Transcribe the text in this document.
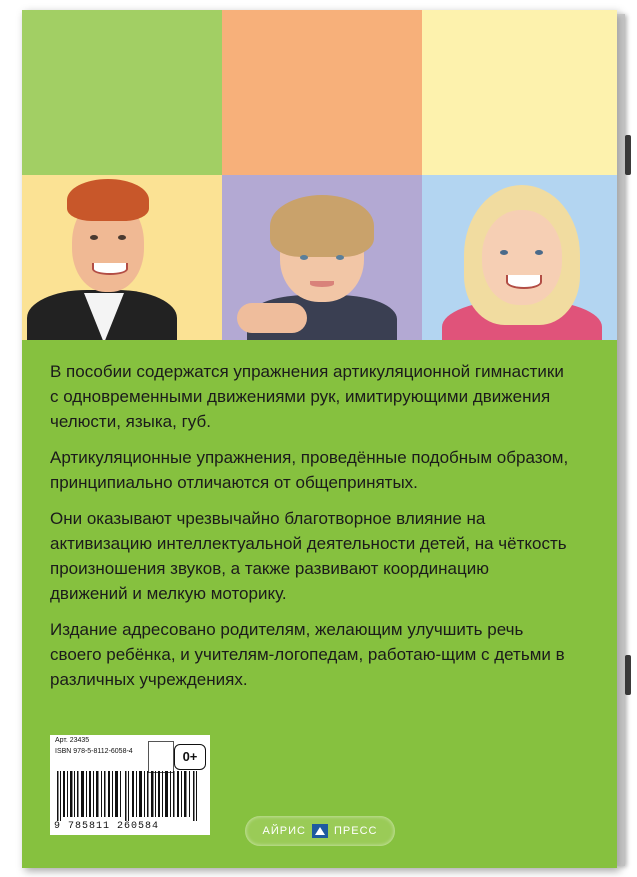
В пособии содержатся упражнения артикуляционной гимнастики с одновременными движениями рук, имитирующими движения челюсти, языка, губ.

Артикуляционные упражнения, проведённые подобным образом, принципиально отличаются от общепринятых.

Они оказывают чрезвычайно благотворное влияние на активизацию интеллектуальной деятельности детей, на чёткость произношения звуков, а также развивают координацию движений и мелкую моторику.

Издание адресовано родителям, желающим улучшить речь своего ребёнка, и учителям-логопедам, работаю-щим с детьми в различных учреждениях.

Арт. 23435
ISBN 978-5-8112-6058-4	0+
9 785811 260584	АЙРИС	ПРЕСС
